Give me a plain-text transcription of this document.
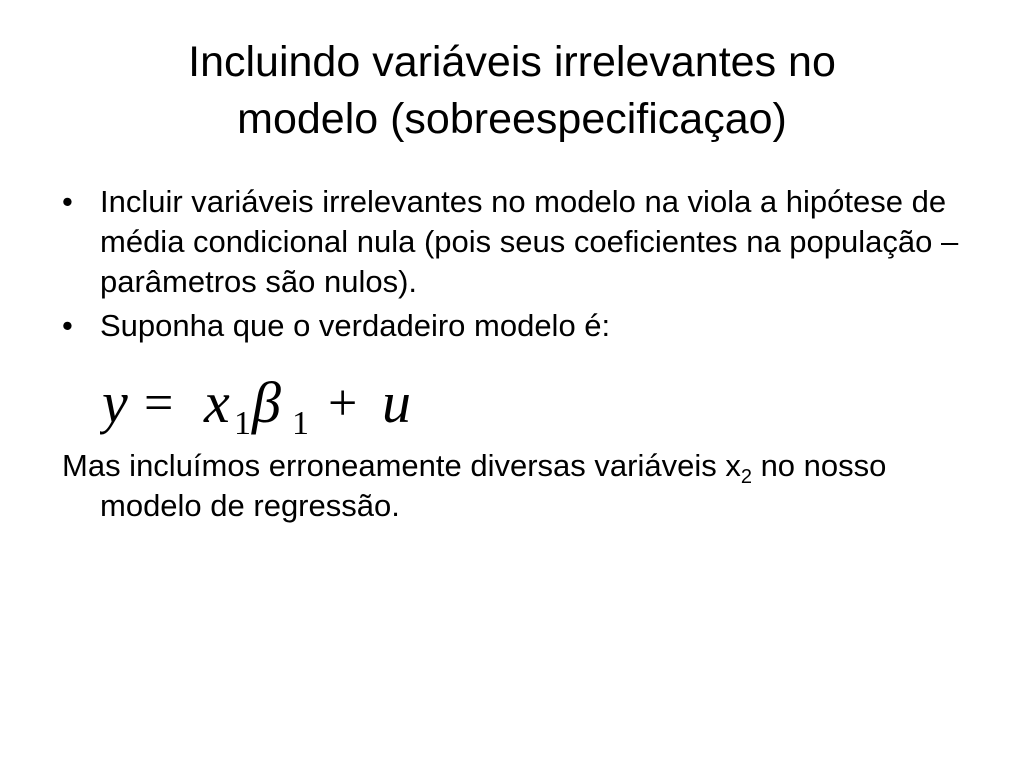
Incluindo variáveis irrelevantes no
modelo (sobreespecificaçao)
• Incluir variáveis irrelevantes no modelo na viola a hipótese de média condicional nula (pois seus coeficientes na população – parâmetros são nulos).
• Suponha que o verdadeiro modelo é:
y = x 1 β 1 + u

Mas incluímos erroneamente diversas variáveis $x_2$ no nosso modelo de regressão.
